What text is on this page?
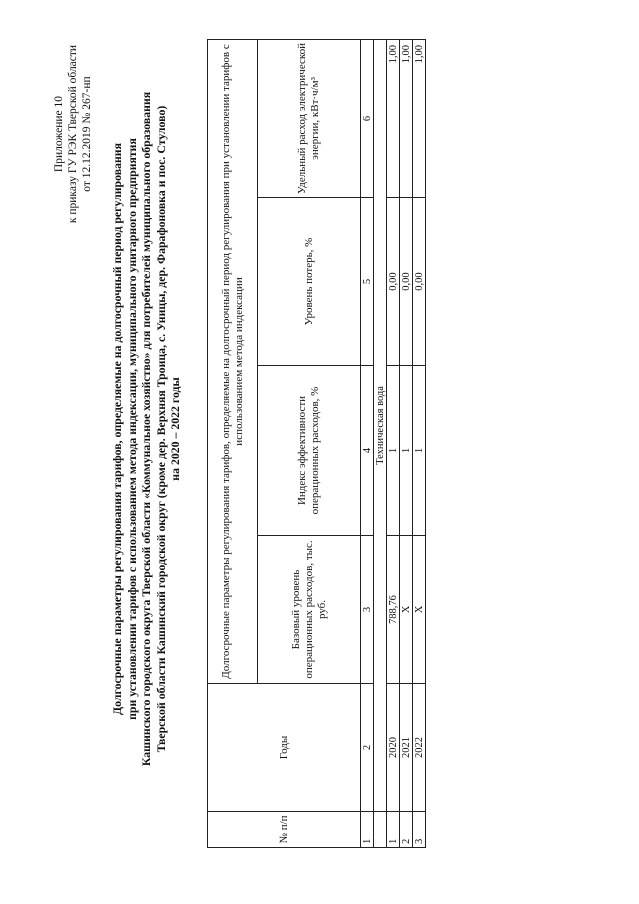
Приложение 10 к приказу ГУ РЭК Тверской области от 12.12.2019 № 267-нп
Долгосрочные параметры регулирования тарифов, определяемые на долгосрочный период регулирования при установлении тарифов с использованием метода индексации, муниципального унитарного предприятия Кашинского городского округа Тверской области «Коммунальное хозяйство» для потребителей муниципального образования Тверской области Кашинский городской округ (кроме дер. Верхняя Троица, с. Уницы, дер. Фарафоновка и пос. Стулово) на 2020 – 2022 годы
№ п/п	Годы	Долгосрочные параметры регулирования тарифов, определяемые на долгосрочный период регулирования при установлении тарифов с использованием метода индексации			
		Базовый уровень операционных расходов, тыс. руб.	Индекс эффективности операционных расходов, %	Уровень потерь, %	Удельный расход электрической энергии, кВт·ч/м³
1	2	3	4	5	6
	Техническая вода				
1	2020	788,76	1	0,00	1,00
2	2021	Х	1	0,00	1,00
3	2022	Х	1	0,00	1,00
